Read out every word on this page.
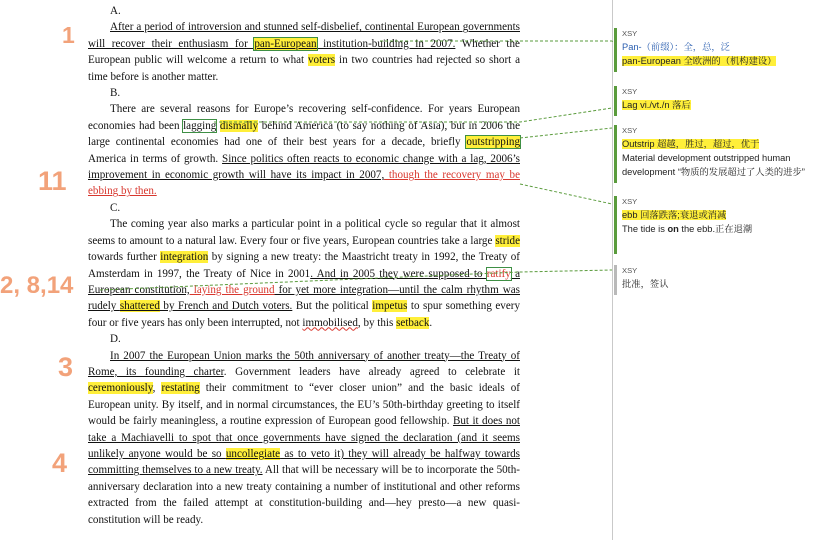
A.

After a period of introversion and stunned self-disbelief, continental European governments will recover their enthusiasm for pan-European institution-building in 2007. Whether the European public will welcome a return to what voters in two countries had rejected so short a time before is another matter.

B.

There are several reasons for Europe’s recovering self-confidence. For years European economies had been lagging dismally behind America (to say nothing of Asia), but in 2006 the large continental economies had one of their best years for a decade, briefly outstripping America in terms of growth. Since politics often reacts to economic change with a lag, 2006’s improvement in economic growth will have its impact in 2007, though the recovery may be ebbing by then.

C.

The coming year also marks a particular point in a political cycle so regular that it almost seems to amount to a natural law. Every four or five years, European countries take a large stride towards further integration by signing a new treaty: the Maastricht treaty in 1992, the Treaty of Amsterdam in 1997, the Treaty of Nice in 2001. And in 2005 they were supposed to ratify a European constitution, laying the ground for yet more integration—until the calm rhythm was rudely shattered by French and Dutch voters. But the political impetus to spur something every four or five years has only been interrupted, not immobilised, by this setback.

D.

In 2007 the European Union marks the 50th anniversary of another treaty—the Treaty of Rome, its founding charter. Government leaders have already agreed to celebrate it ceremoniously, restating their commitment to “ever closer union” and the basic ideals of European unity. By itself, and in normal circumstances, the EU’s 50th-birthday greeting to itself would be fairly meaningless, a routine expression of European good fellowship. But it does not take a Machiavelli to spot that once governments have signed the declaration (and it seems unlikely anyone would be so uncollegiate as to veto it) they will already be halfway towards committing themselves to a new treaty. All that will be necessary will be to incorporate the 50th-anniversary declaration into a new treaty containing a number of institutional and other reforms extracted from the failed attempt at constitution-building and—hey presto—a new quasi-constitution will be ready.

1
11
2, 8,14
3
4
XSY
Pan-（前缀）：全，总，泛
pan-European 全欧洲的（机构建设）
XSY
Lag vi./vt./n 落后
XSY
Outstrip 超越，胜过，超过，优于
Material development outstripped human development “物质的发展超过了人类的进步”
XSY
ebb 回落跌落;衰退或消减
The tide is on the ebb.正在退潮
XSY
批准，签认
